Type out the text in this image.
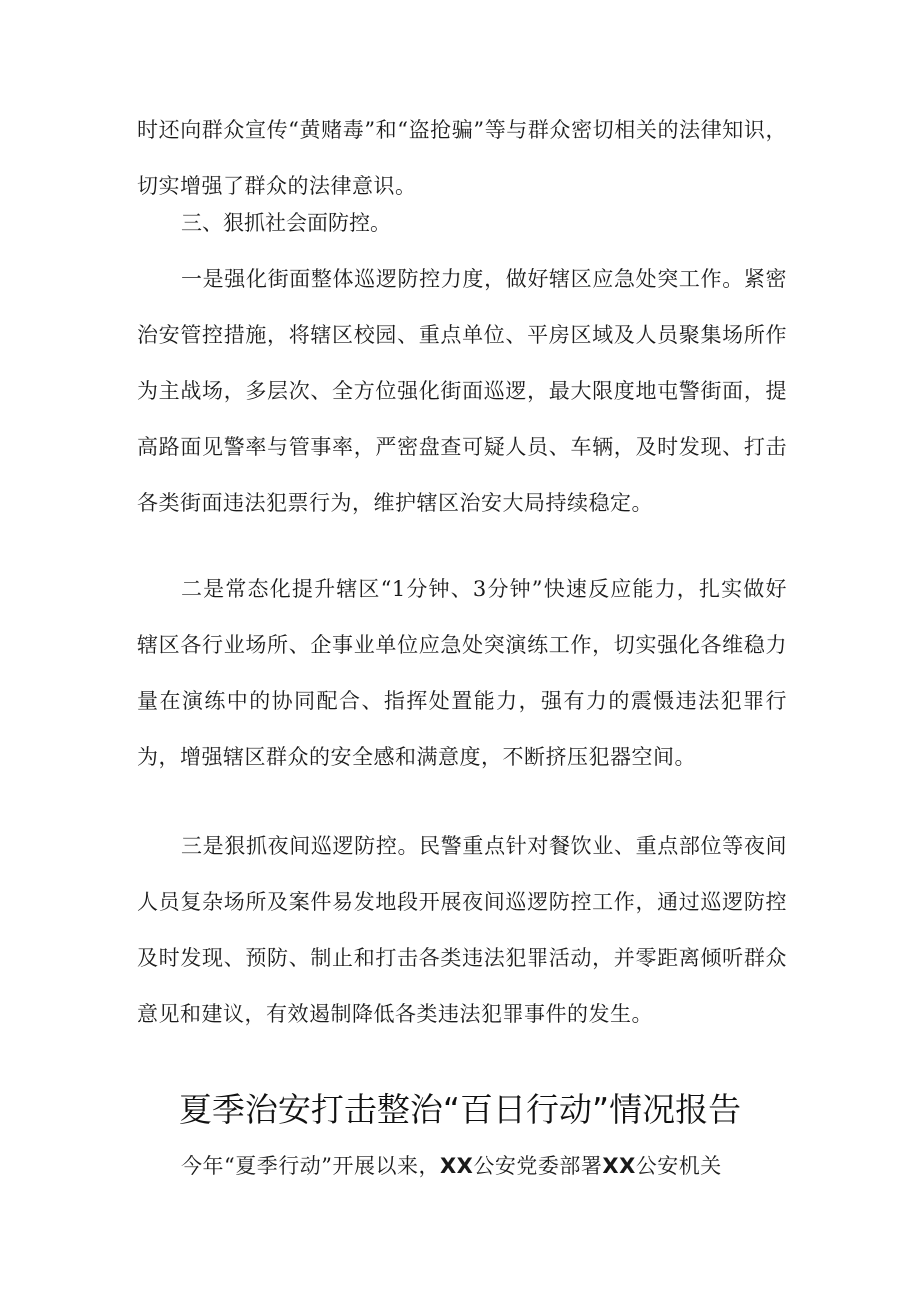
时还向群众宣传“黄赌毒”和“盗抢骗”等与群众密切相关的法律知识，切实增强了群众的法律意识。

三、狠抓社会面防控。

一是强化街面整体巡逻防控力度，做好辖区应急处突工作。紧密治安管控措施，将辖区校园、重点单位、平房区域及人员聚集场所作为主战场，多层次、全方位强化街面巡逻，最大限度地屯警街面，提高路面见警率与管事率，严密盘查可疑人员、车辆，及时发现、打击各类街面违法犯票行为，维护辖区治安大局持续稳定。

二是常态化提升辖区“1分钟、3分钟”快速反应能力，扎实做好辖区各行业场所、企事业单位应急处突演练工作，切实强化各维稳力量在演练中的协同配合、指挥处置能力，强有力的震慑违法犯罪行为，增强辖区群众的安全感和满意度，不断挤压犯器空间。

三是狠抓夜间巡逻防控。民警重点针对餐饮业、重点部位等夜间人员复杂场所及案件易发地段开展夜间巡逻防控工作，通过巡逻防控及时发现、预防、制止和打击各类违法犯罪活动，并零距离倾听群众意见和建议，有效遏制降低各类违法犯罪事件的发生。

夏季治安打击整治“百日行动”情况报告

今年“夏季行动”开展以来，XX公安党委部署XX公安机关
